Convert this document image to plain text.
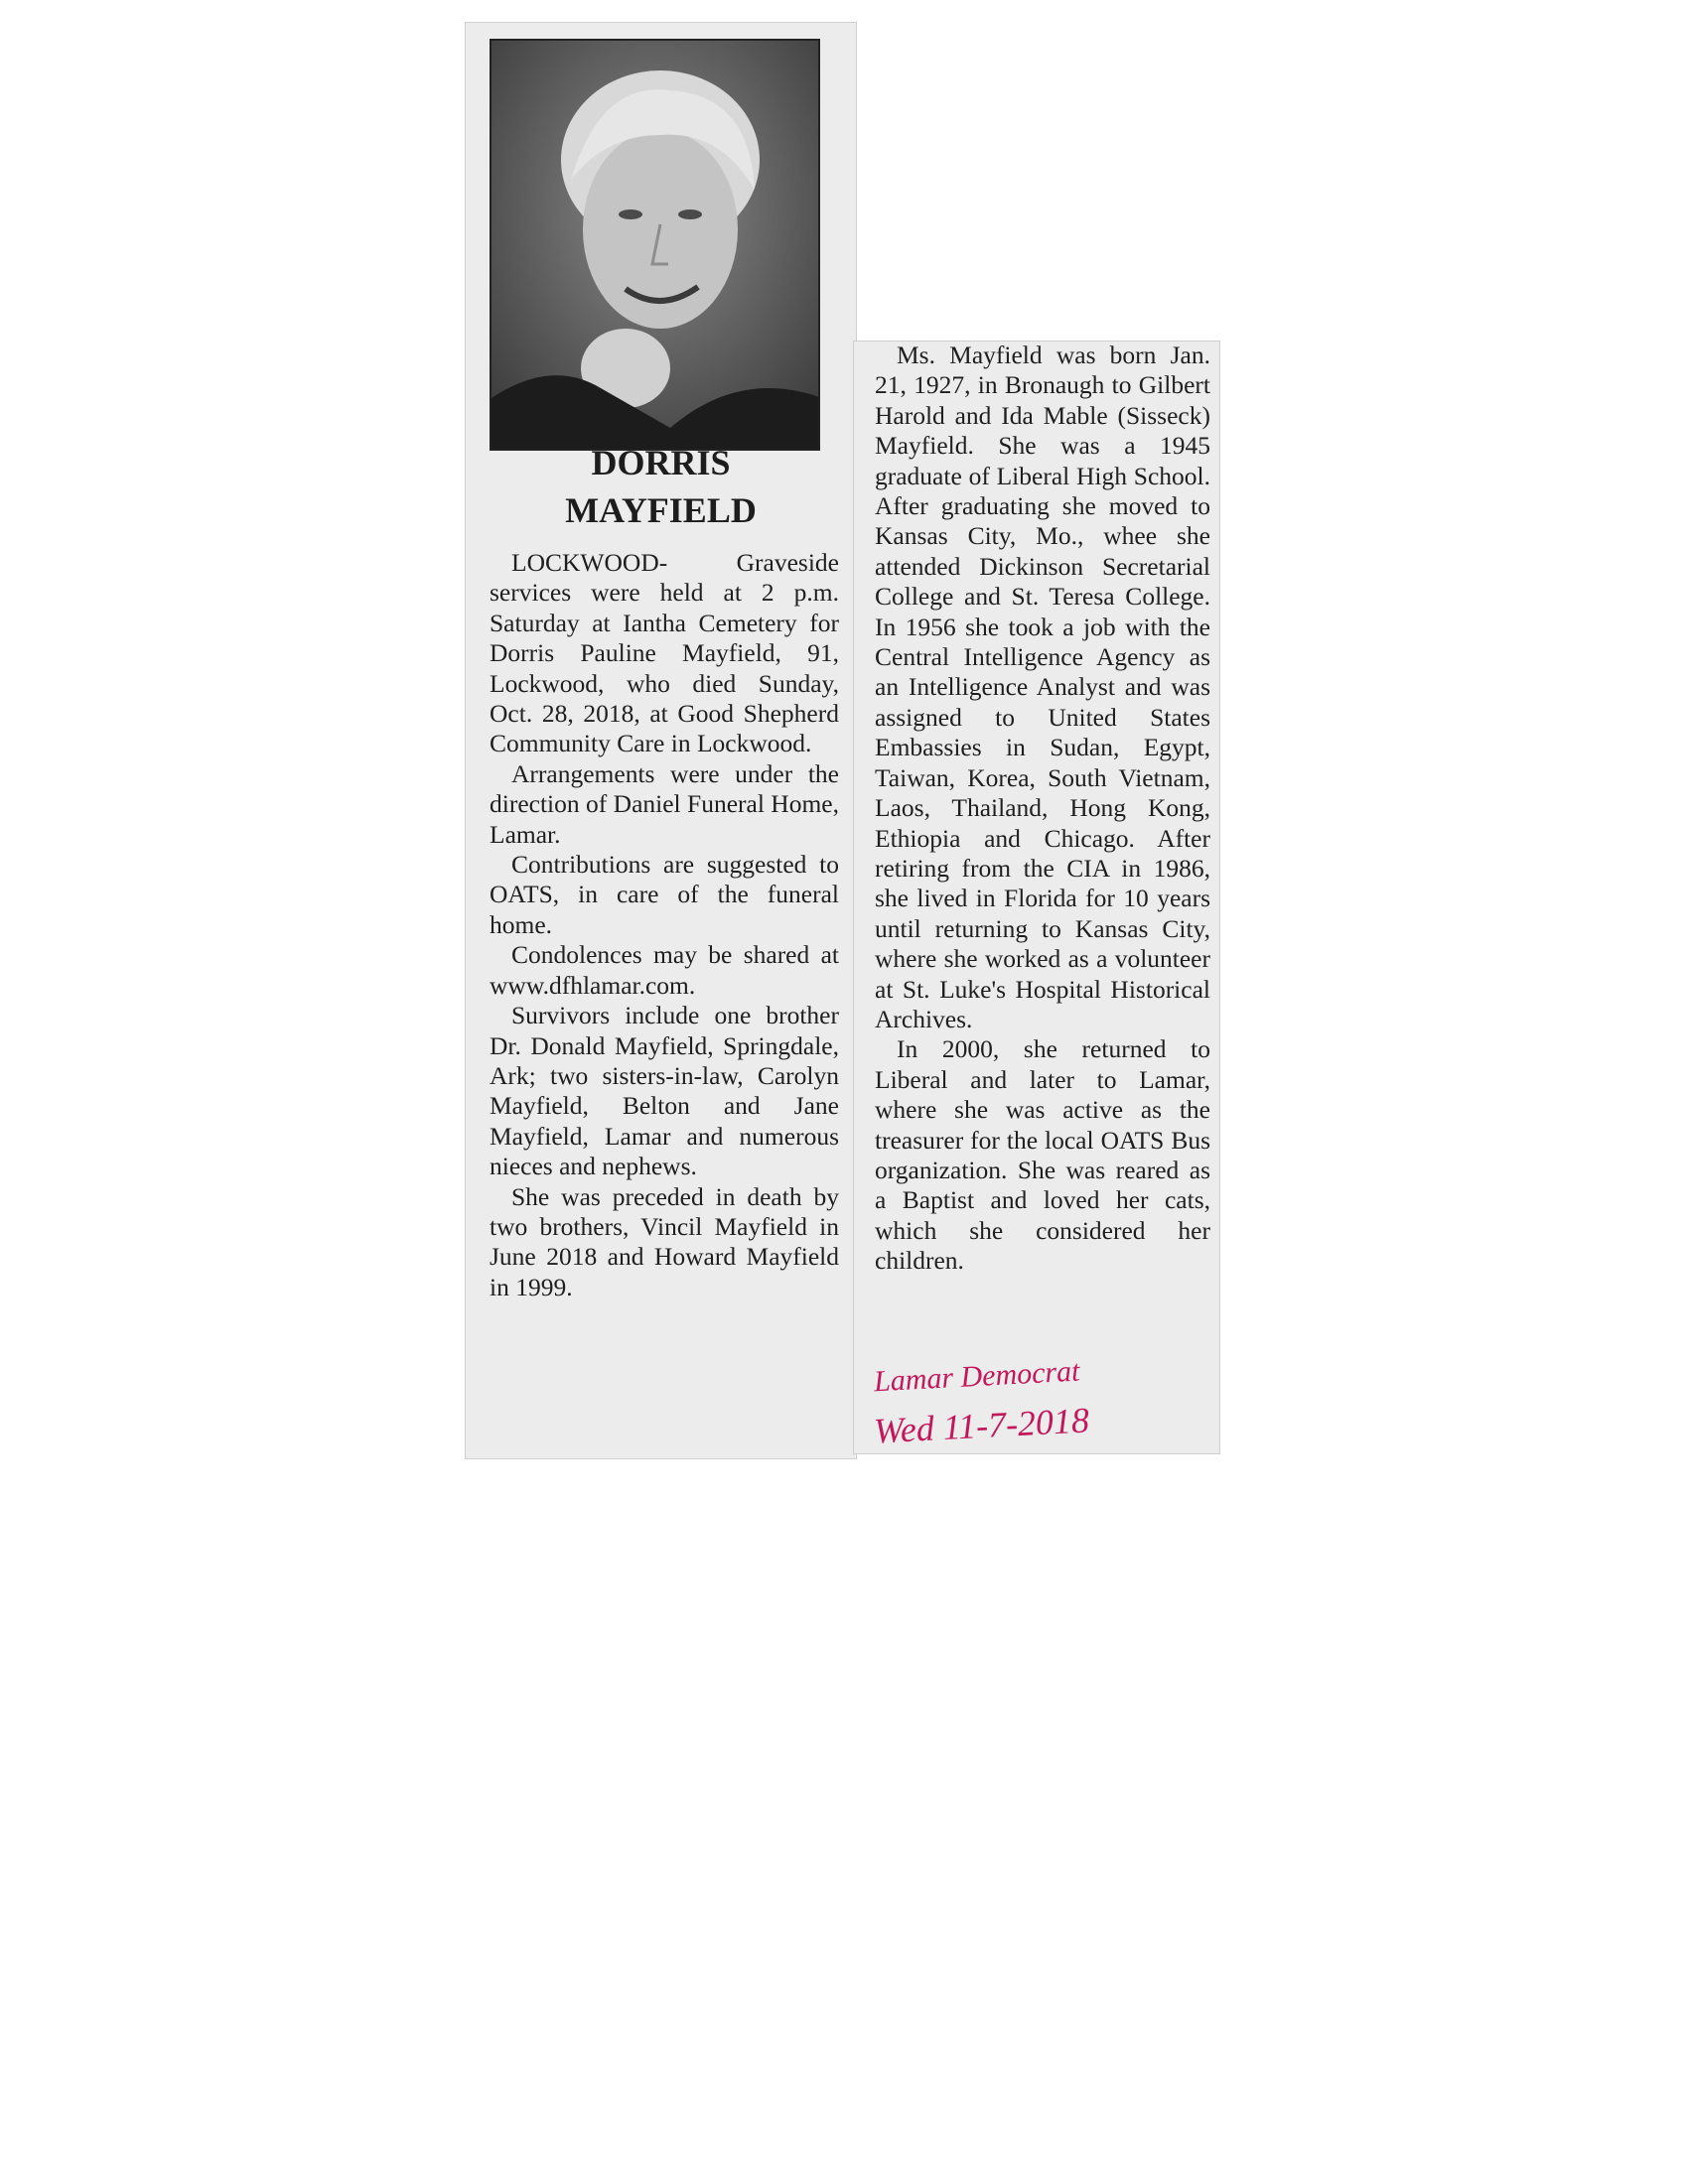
DORRIS
MAYFIELD

LOCKWOOD- Graveside services were held at 2 p.m. Saturday at Iantha Cemetery for Dorris Pauline Mayfield, 91, Lockwood, who died Sunday, Oct. 28, 2018, at Good Shepherd Community Care in Lockwood.

Arrangements were under the direction of Daniel Funeral Home, Lamar.

Contributions are suggested to OATS, in care of the funeral home.

Condolences may be shared at www.dfhlamar.com.

Survivors include one brother Dr. Donald Mayfield, Springdale, Ark; two sisters-in-law, Carolyn Mayfield, Belton and Jane Mayfield, Lamar and numerous nieces and nephews.

She was preceded in death by two brothers, Vincil Mayfield in June 2018 and Howard Mayfield in 1999.

Ms. Mayfield was born Jan. 21, 1927, in Bronaugh to Gilbert Harold and Ida Mable (Sisseck) Mayfield. She was a 1945 graduate of Liberal High School. After graduating she moved to Kansas City, Mo., whee she attended Dickinson Secretarial College and St. Teresa College. In 1956 she took a job with the Central Intelligence Agency as an Intelligence Analyst and was assigned to United States Embassies in Sudan, Egypt, Taiwan, Korea, South Vietnam, Laos, Thailand, Hong Kong, Ethiopia and Chicago. After retiring from the CIA in 1986, she lived in Florida for 10 years until returning to Kansas City, where she worked as a volunteer at St. Luke's Hospital Historical Archives.

In 2000, she returned to Liberal and later to Lamar, where she was active as the treasurer for the local OATS Bus organization. She was reared as a Baptist and loved her cats, which she considered her children.

Lamar Democrat
Wed 11-7-2018
